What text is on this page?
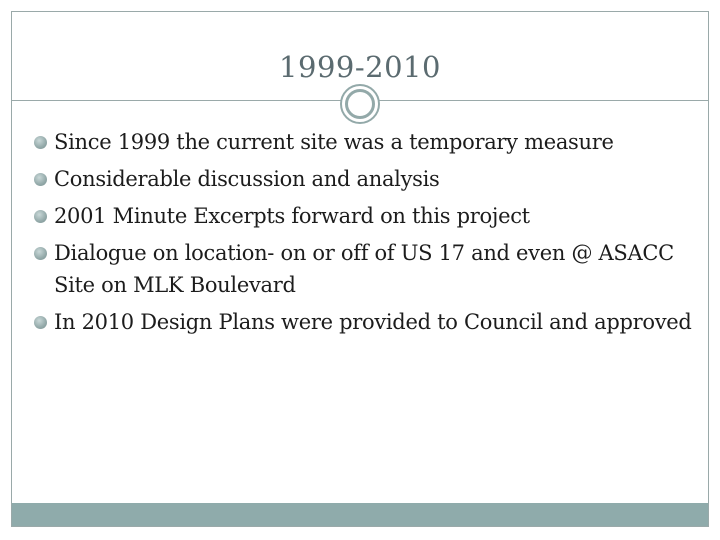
1999-2010
Since 1999 the current site was a temporary measure
Considerable discussion and analysis
2001 Minute Excerpts forward on this project
Dialogue on location- on or off of US 17 and even @ ASACC Site on MLK Boulevard
In 2010 Design Plans were provided to Council and approved
